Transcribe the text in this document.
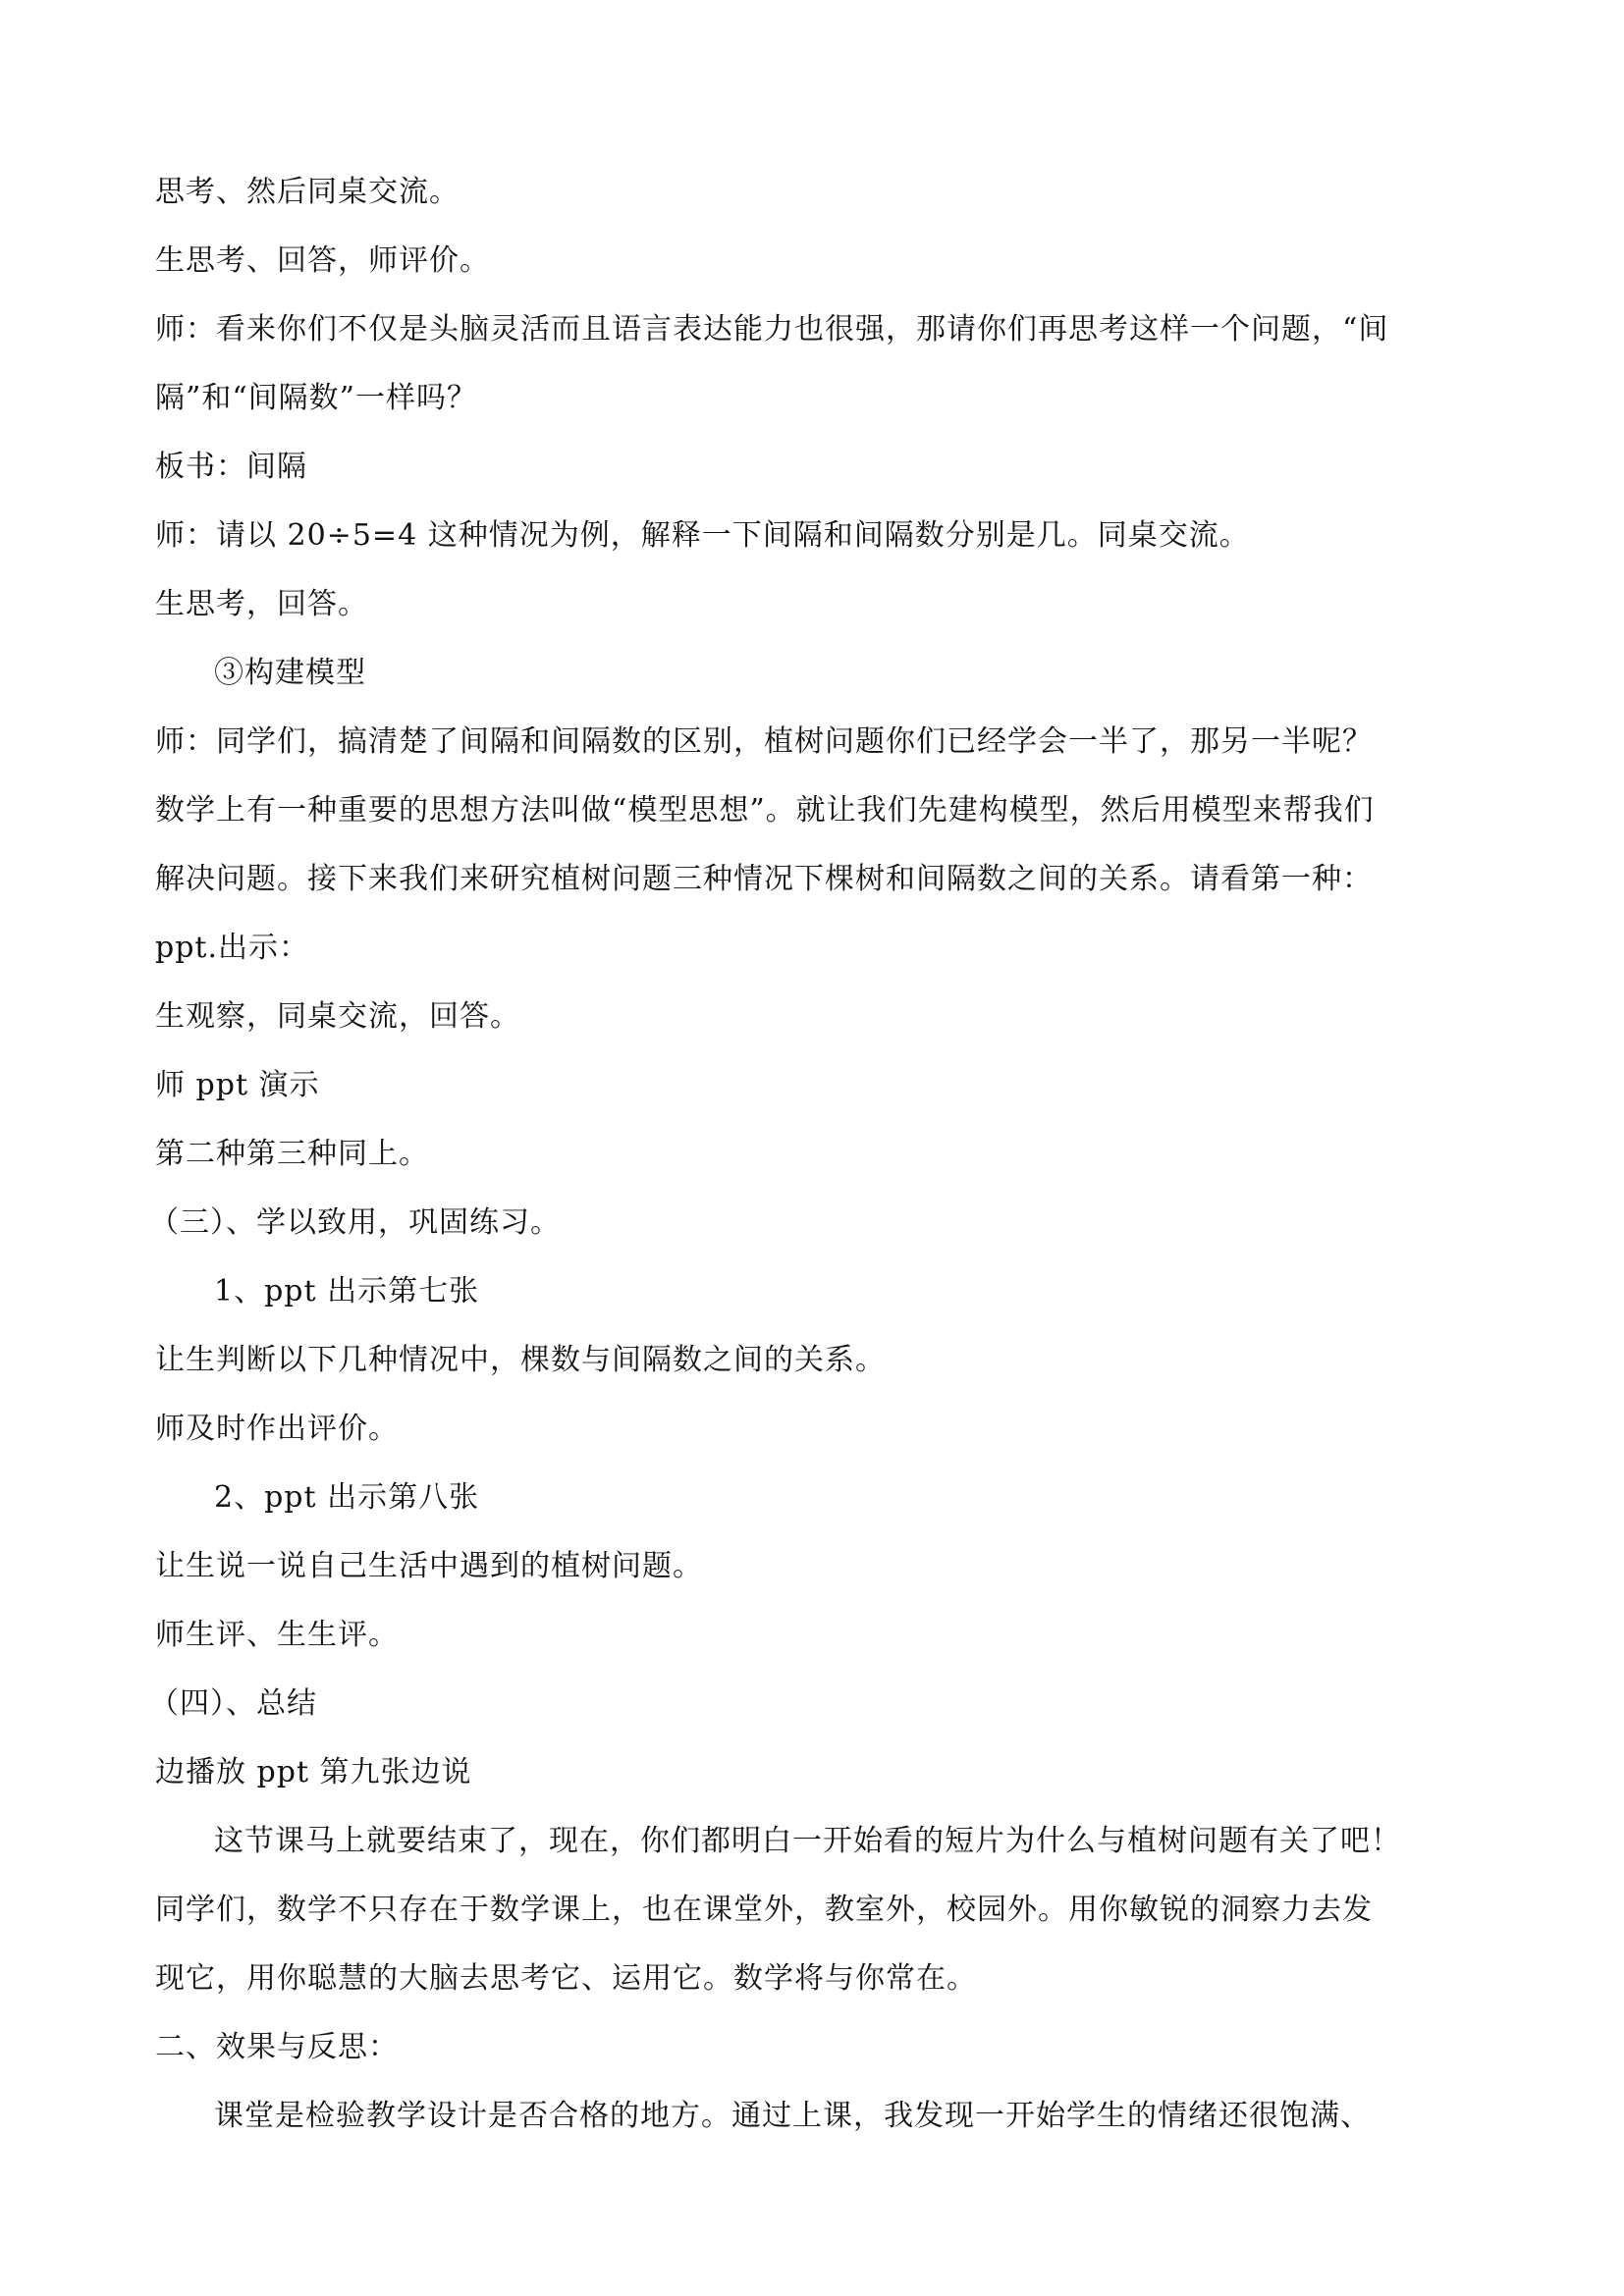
思考、然后同桌交流。
生思考、回答，师评价。
师：看来你们不仅是头脑灵活而且语言表达能力也很强，那请你们再思考这样一个问题，“间
隔”和“间隔数”一样吗？
板书：间隔
师：请以 20÷5=4 这种情况为例，解释一下间隔和间隔数分别是几。同桌交流。
生思考，回答。
③构建模型
师：同学们，搞清楚了间隔和间隔数的区别，植树问题你们已经学会一半了，那另一半呢？
数学上有一种重要的思想方法叫做“模型思想”。就让我们先建构模型，然后用模型来帮我们
解决问题。接下来我们来研究植树问题三种情况下棵树和间隔数之间的关系。请看第一种：
ppt.出示：
生观察，同桌交流，回答。
师 ppt 演示
第二种第三种同上。
（三）、学以致用，巩固练习。
1、ppt 出示第七张
让生判断以下几种情况中，棵数与间隔数之间的关系。
师及时作出评价。
2、ppt 出示第八张
让生说一说自己生活中遇到的植树问题。
师生评、生生评。
（四）、总结
边播放 ppt 第九张边说
这节课马上就要结束了，现在，你们都明白一开始看的短片为什么与植树问题有关了吧！
同学们，数学不只存在于数学课上，也在课堂外，教室外，校园外。用你敏锐的洞察力去发
现它，用你聪慧的大脑去思考它、运用它。数学将与你常在。
二、效果与反思：
课堂是检验教学设计是否合格的地方。通过上课，我发现一开始学生的情绪还很饱满、
